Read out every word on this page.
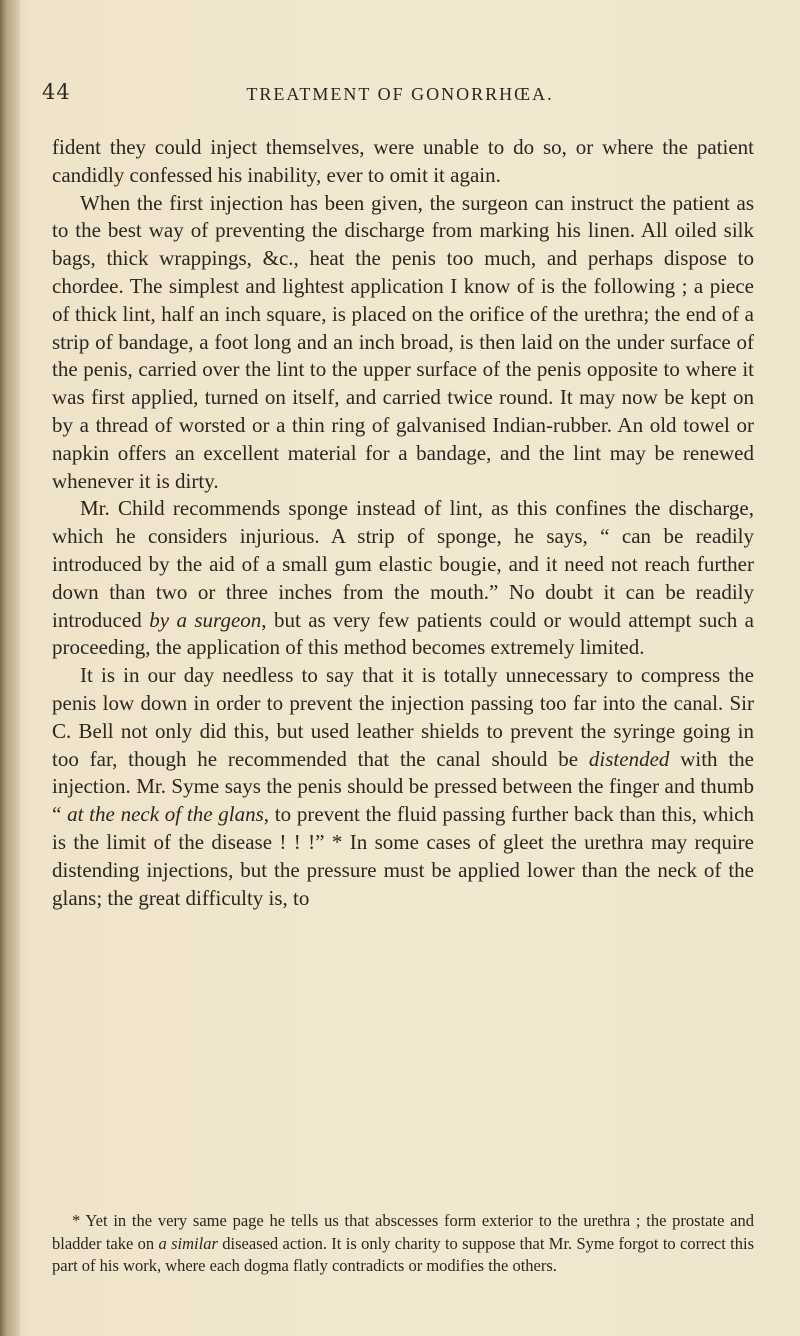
44	TREATMENT OF GONORRHŒA.

fident they could inject themselves, were unable to do so, or where the patient candidly confessed his inability, ever to omit it again.

When the first injection has been given, the surgeon can instruct the patient as to the best way of preventing the discharge from marking his linen. All oiled silk bags, thick wrappings, &c., heat the penis too much, and perhaps dispose to chordee. The simplest and lightest application I know of is the following ; a piece of thick lint, half an inch square, is placed on the orifice of the urethra; the end of a strip of bandage, a foot long and an inch broad, is then laid on the under surface of the penis, carried over the lint to the upper surface of the penis opposite to where it was first applied, turned on itself, and carried twice round. It may now be kept on by a thread of worsted or a thin ring of galvanised Indian-rubber. An old towel or napkin offers an excellent material for a bandage, and the lint may be renewed whenever it is dirty.

Mr. Child recommends sponge instead of lint, as this confines the discharge, which he considers injurious. A strip of sponge, he says, “ can be readily introduced by the aid of a small gum elastic bougie, and it need not reach further down than two or three inches from the mouth.” No doubt it can be readily introduced by a surgeon, but as very few patients could or would attempt such a proceeding, the application of this method becomes extremely limited.

It is in our day needless to say that it is totally unnecessary to compress the penis low down in order to prevent the injection passing too far into the canal. Sir C. Bell not only did this, but used leather shields to prevent the syringe going in too far, though he recommended that the canal should be distended with the injection. Mr. Syme says the penis should be pressed between the finger and thumb “ at the neck of the glans, to prevent the fluid passing further back than this, which is the limit of the disease ! ! !” * In some cases of gleet the urethra may require distending injections, but the pressure must be applied lower than the neck of the glans; the great difficulty is, to

* Yet in the very same page he tells us that abscesses form exterior to the urethra ; the prostate and bladder take on a similar diseased action. It is only charity to suppose that Mr. Syme forgot to correct this part of his work, where each dogma flatly contradicts or modifies the others.
